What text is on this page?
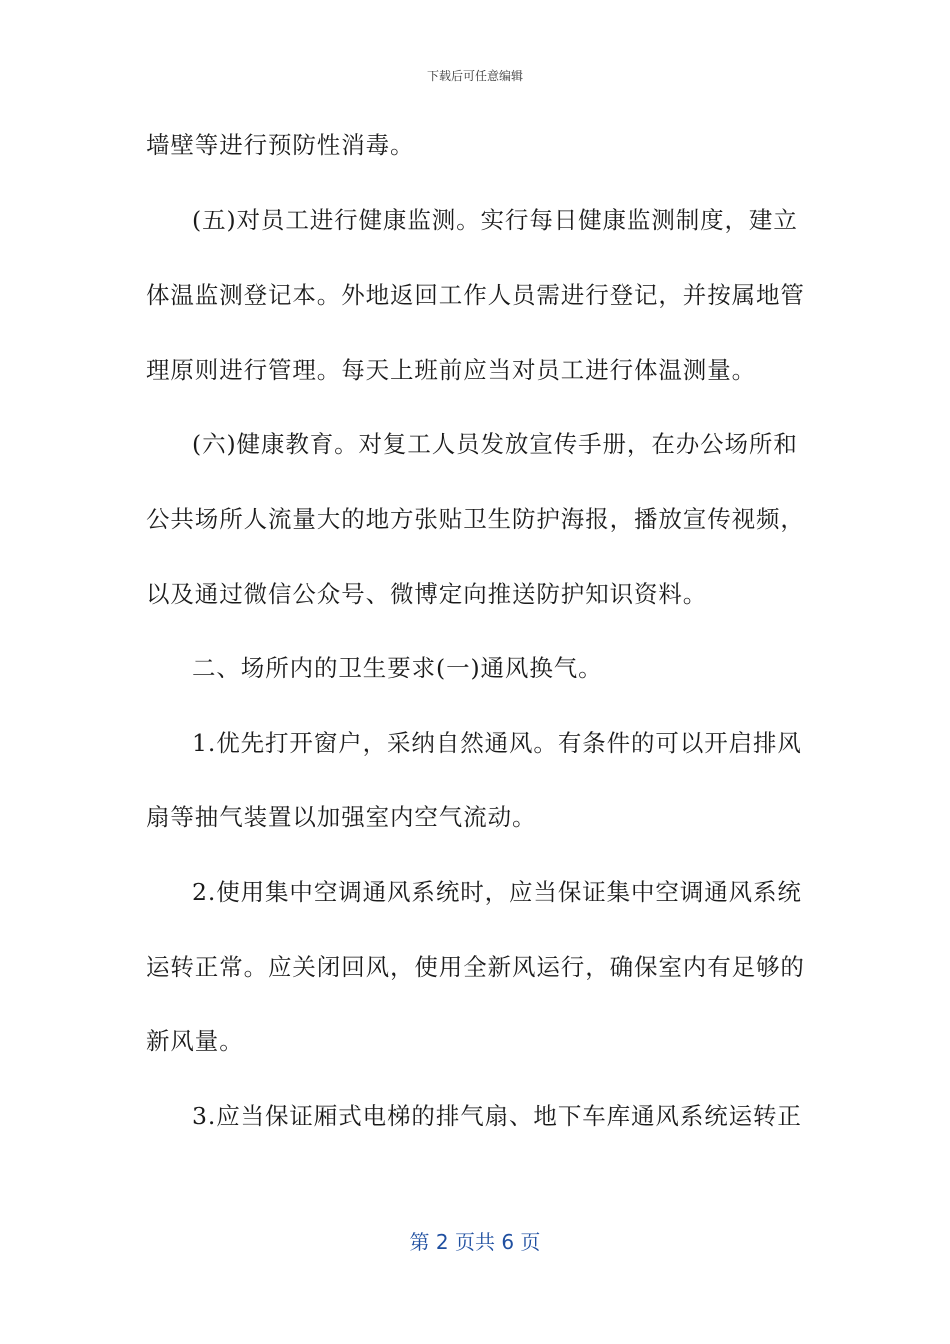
下载后可任意编辑
墙壁等进行预防性消毒。
(五)对员工进行健康监测。实行每日健康监测制度，建立
体温监测登记本。外地返回工作人员需进行登记，并按属地管
理原则进行管理。每天上班前应当对员工进行体温测量。
(六)健康教育。对复工人员发放宣传手册，在办公场所和
公共场所人流量大的地方张贴卫生防护海报，播放宣传视频，
以及通过微信公众号、微博定向推送防护知识资料。
二、场所内的卫生要求(一)通风换气。
1.优先打开窗户，采纳自然通风。有条件的可以开启排风
扇等抽气装置以加强室内空气流动。
2.使用集中空调通风系统时，应当保证集中空调通风系统
运转正常。应关闭回风，使用全新风运行，确保室内有足够的
新风量。
3.应当保证厢式电梯的排气扇、地下车库通风系统运转正
第 2 页共 6 页
